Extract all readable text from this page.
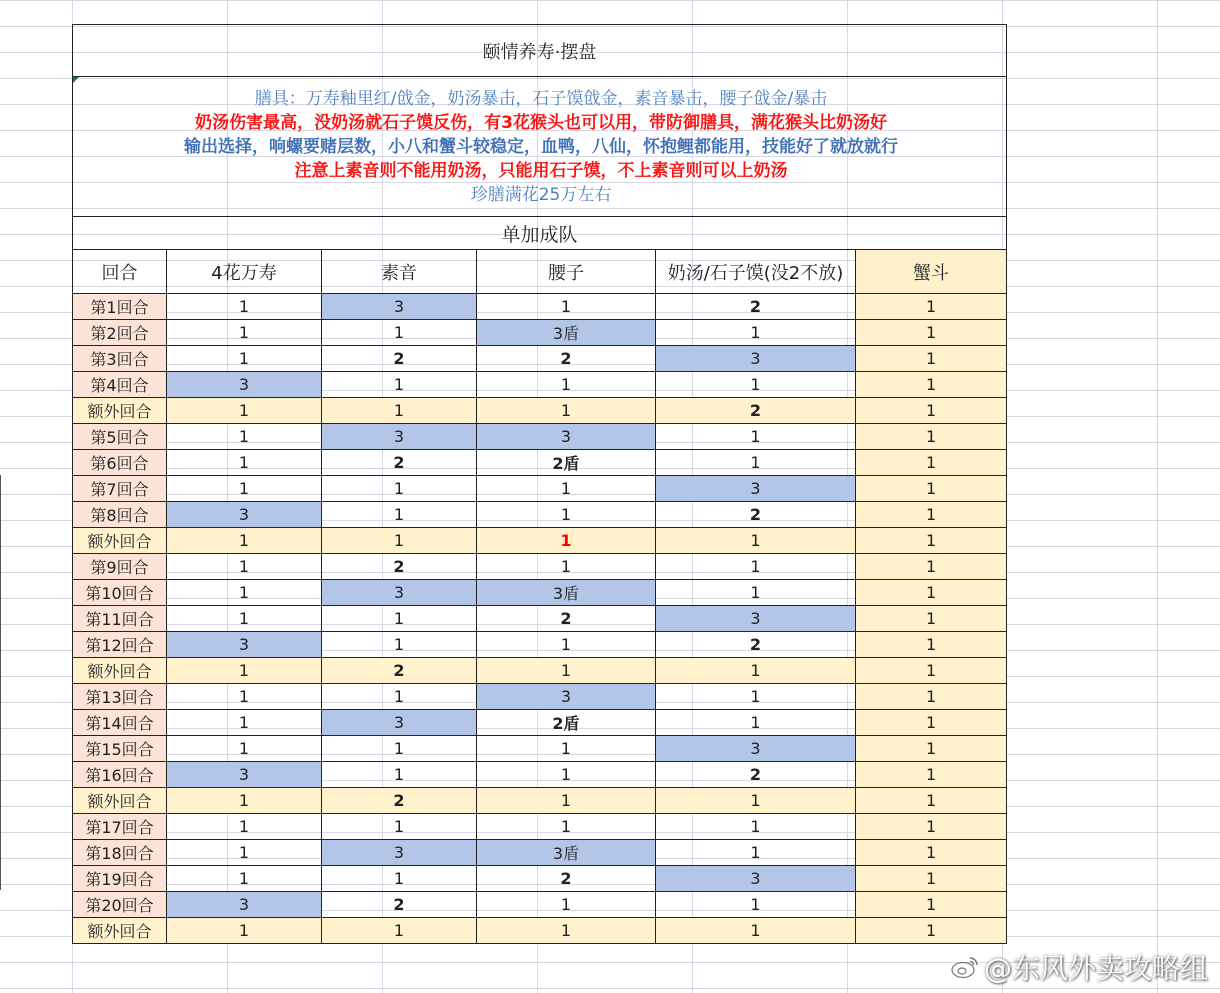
颐情养寿·摆盘					

膳具：万寿釉里红/戗金，奶汤暴击，石子馍戗金，素音暴击，腰子戗金/暴击
奶汤伤害最高，没奶汤就石子馍反伤，有3花猴头也可以用，带防御膳具，满花猴头比奶汤好
输出选择，响螺要赌层数，小八和蟹斗较稳定，血鸭，八仙，怀抱鲤都能用，技能好了就放就行
注意上素音则不能用奶汤，只能用石子馍，不上素音则可以上奶汤
珍膳满花25万左右					

单加成队					
回合	4花万寿	素音	腰子	奶汤/石子馍(没2不放)	蟹斗
第1回合	1	3	1	2	1
第2回合	1	1	3盾	1	1
第3回合	1	2	2	3	1
第4回合	3	1	1	1	1
额外回合	1	1	1	2	1
第5回合	1	3	3	1	1
第6回合	1	2	2盾	1	1
第7回合	1	1	1	3	1
第8回合	3	1	1	2	1
额外回合	1	1	1	1	1
第9回合	1	2	1	1	1
第10回合	1	3	3盾	1	1
第11回合	1	1	2	3	1
第12回合	3	1	1	2	1
额外回合	1	2	1	1	1
第13回合	1	1	3	1	1
第14回合	1	3	2盾	1	1
第15回合	1	1	1	3	1
第16回合	3	1	1	2	1
额外回合	1	2	1	1	1
第17回合	1	1	1	1	1
第18回合	1	3	3盾	1	1
第19回合	1	1	2	3	1
第20回合	3	2	1	1	1
额外回合	1	1	1	1	1
@东风外卖攻略组
